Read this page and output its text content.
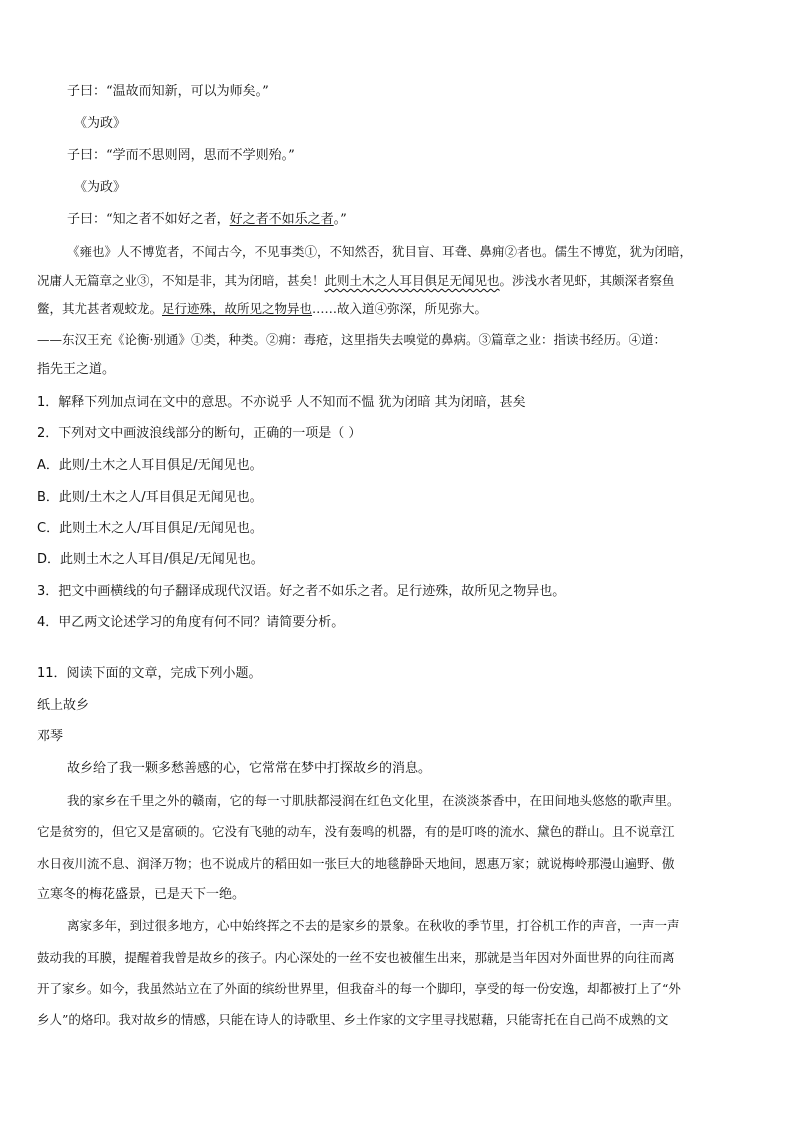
子曰：“温故而知新，可以为师矣。”
《为政》
子曰：“学而不思则罔，思而不学则殆。”
《为政》
子曰：“知之者不如好之者，好之者不如乐之者。”
《雍也》人不博览者，不闻古今，不见事类①，不知然否，犹目盲、耳聋、鼻痈②者也。儒生不博览，犹为闭暗，
况庸人无篇章之业③，不知是非，其为闭暗，甚矣！此则土木之人耳目俱足无闻见也。涉浅水者见虾，其颇深者察鱼
鳖，其尤甚者观蛟龙。足行迹殊，故所见之物异也……故入道④弥深，所见弥大。
——东汉王充《论衡·别通》①类，种类。②痈：毒疮，这里指失去嗅觉的鼻病。③篇章之业：指读书经历。④道：
指先王之道。
1．解释下列加点词在文中的意思。不亦说乎 人不知而不愠 犹为闭暗 其为闭暗，甚矣
2．下列对文中画波浪线部分的断句，正确的一项是（ ）
A．此则/土木之人耳目俱足/无闻见也。
B．此则/土木之人/耳目俱足无闻见也。
C．此则土木之人/耳目俱足/无闻见也。
D．此则土木之人耳目/俱足/无闻见也。
3．把文中画横线的句子翻译成现代汉语。好之者不如乐之者。足行迹殊，故所见之物异也。
4．甲乙两文论述学习的角度有何不同？请简要分析。
11．阅读下面的文章，完成下列小题。
纸上故乡
邓琴
故乡给了我一颗多愁善感的心，它常常在梦中打探故乡的消息。
我的家乡在千里之外的赣南，它的每一寸肌肤都浸润在红色文化里，在淡淡茶香中，在田间地头悠悠的歌声里。
它是贫穷的，但它又是富硕的。它没有飞驰的动车，没有轰鸣的机器，有的是叮咚的流水、黛色的群山。且不说章江
水日夜川流不息、润泽万物；也不说成片的稻田如一张巨大的地毯静卧天地间，恩惠万家；就说梅岭那漫山遍野、傲
立寒冬的梅花盛景，已是天下一绝。
离家多年，到过很多地方，心中始终挥之不去的是家乡的景象。在秋收的季节里，打谷机工作的声音，一声一声
鼓动我的耳膜，提醒着我曾是故乡的孩子。内心深处的一丝不安也被催生出来，那就是当年因对外面世界的向往而离
开了家乡。如今，我虽然站立在了外面的缤纷世界里，但我奋斗的每一个脚印，享受的每一份安逸，却都被打上了“外
乡人”的烙印。我对故乡的情感，只能在诗人的诗歌里、乡土作家的文字里寻找慰藉，只能寄托在自己尚不成熟的文
